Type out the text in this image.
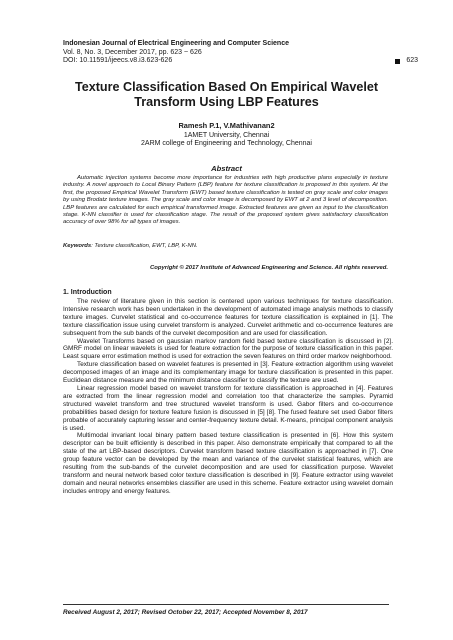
Indonesian Journal of Electrical Engineering and Computer Science
Vol. 8, No. 3, December 2017, pp. 623 ~ 626
DOI: 10.11591/ijeecs.v8.i3.623-626	623
Texture Classification Based On Empirical Wavelet
Transform Using LBP Features
Ramesh P.1, V.Mathivanan2
1AMET University, Chennai
2ARM college of Engineering and Technology, Chennai
Abstract

Automatic injection systems become more importance for industries with high productive plans especially in texture industry. A novel approach to Local Binary Pattern (LBP) feature for texture classification is proposed in this system. At the first, the proposed Empirical Wavelet Transform (EWT) based texture classification is tested on gray scale and color images by using Brodatz texture images. The gray scale and color image is decomposed by EWT at 2 and 3 level of decomposition. LBP features are calculated for each empirical transformed image. Extracted features are given as input to the classification stage. K-NN classifier is used for classification stage. The result of the proposed system gives satisfactory classification accuracy of over 98% for all types of images.

Keywords: Texture classification, EWT, LBP, K-NN.
Copyright © 2017 Institute of Advanced Engineering and Science. All rights reserved.
1. Introduction

The review of literature given in this section is centered upon various techniques for texture classification. Intensive research work has been undertaken in the development of automated image analysis methods to classify texture images. Curvelet statistical and co-occurrence features for texture classification is explained in [1]. The texture classification issue using curvelet transform is analyzed. Curvelet arithmetic and co-occurrence features are subsequent from the sub bands of the curvelet decomposition and are used for classification.

Wavelet Transforms based on gaussian markov random field based texture classification is discussed in [2]. GMRF model on linear wavelets is used for feature extraction for the purpose of texture classification in this paper. Least square error estimation method is used for extraction the seven features on third order markov neighborhood.

Texture classification based on wavelet features is presented in [3]. Feature extraction algorithm using wavelet decomposed images of an image and its complementary image for texture classification is presented in this paper. Euclidean distance measure and the minimum distance classifier to classify the texture are used.

Linear regression model based on wavelet transform for texture classification is approached in [4]. Features are extracted from the linear regression model and correlation too that characterize the samples. Pyramid structured wavelet transform and tree structured wavelet transform is used. Gabor filters and co-occurrence probabilities based design for texture feature fusion is discussed in [5] [8]. The fused feature set used Gabor filters probable of accurately capturing lesser and center-frequency texture detail. K-means, principal component analysis is used.

Multimodal invariant local binary pattern based texture classification is presented in [6]. How this system descriptor can be built efficiently is described in this paper. Also demonstrate empirically that compared to all the state of the art LBP-based descriptors. Curvelet transform based texture classification is approached in [7]. One group feature vector can be developed by the mean and variance of the curvelet statistical features, which are resulting from the sub-bands of the curvelet decomposition and are used for classification purpose. Wavelet transform and neural network based color texture classification is described in [9]. Feature extractor using wavelet domain and neural networks ensembles classifier are used in this scheme. Feature extractor using wavelet domain includes entropy and energy features.

Received August 2, 2017; Revised October 22, 2017; Accepted November 8, 2017
